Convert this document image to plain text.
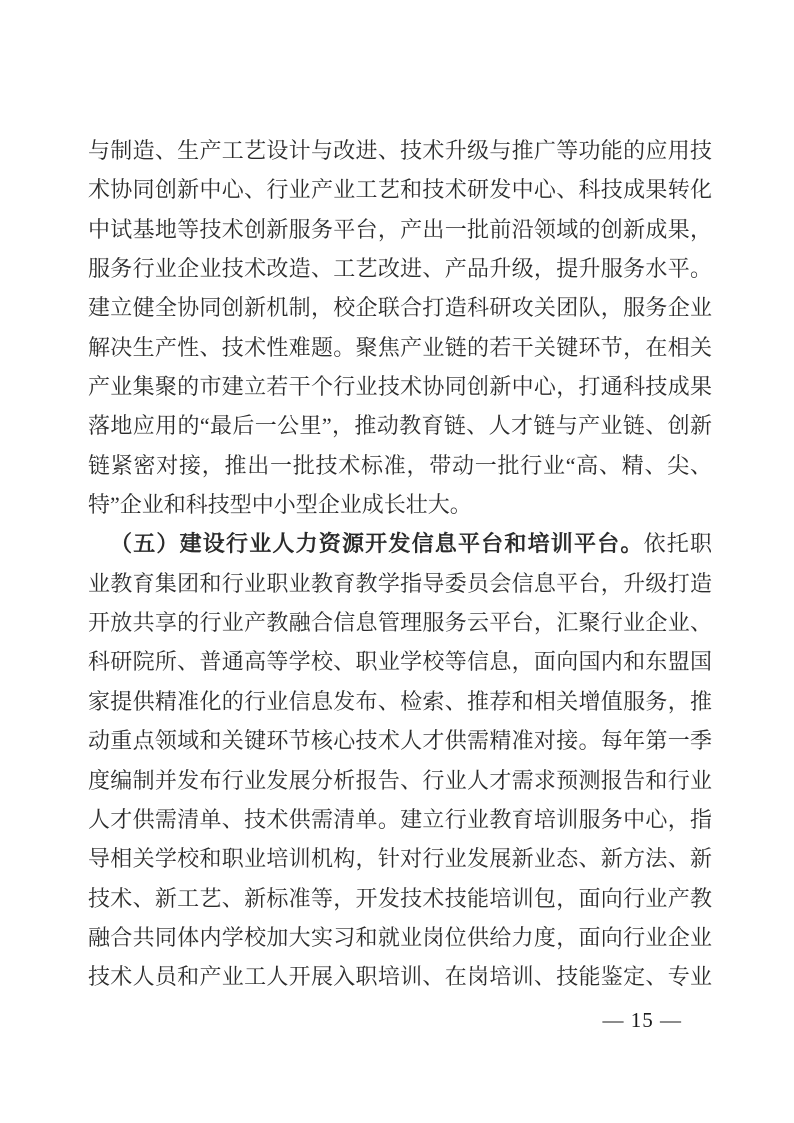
与制造、生产工艺设计与改进、技术升级与推广等功能的应用技
术协同创新中心、行业产业工艺和技术研发中心、科技成果转化
中试基地等技术创新服务平台，产出一批前沿领域的创新成果，
服务行业企业技术改造、工艺改进、产品升级，提升服务水平。
建立健全协同创新机制，校企联合打造科研攻关团队，服务企业
解决生产性、技术性难题。聚焦产业链的若干关键环节，在相关
产业集聚的市建立若干个行业技术协同创新中心，打通科技成果
落地应用的“最后一公里”，推动教育链、人才链与产业链、创新
链紧密对接，推出一批技术标准，带动一批行业“高、精、尖、
特”企业和科技型中小型企业成长壮大。
（五）建设行业人力资源开发信息平台和培训平台。依托职
业教育集团和行业职业教育教学指导委员会信息平台，升级打造
开放共享的行业产教融合信息管理服务云平台，汇聚行业企业、
科研院所、普通高等学校、职业学校等信息，面向国内和东盟国
家提供精准化的行业信息发布、检索、推荐和相关增值服务，推
动重点领域和关键环节核心技术人才供需精准对接。每年第一季
度编制并发布行业发展分析报告、行业人才需求预测报告和行业
人才供需清单、技术供需清单。建立行业教育培训服务中心，指
导相关学校和职业培训机构，针对行业发展新业态、新方法、新
技术、新工艺、新标准等，开发技术技能培训包，面向行业产教
融合共同体内学校加大实习和就业岗位供给力度，面向行业企业
技术人员和产业工人开展入职培训、在岗培训、技能鉴定、专业
— 15 —
